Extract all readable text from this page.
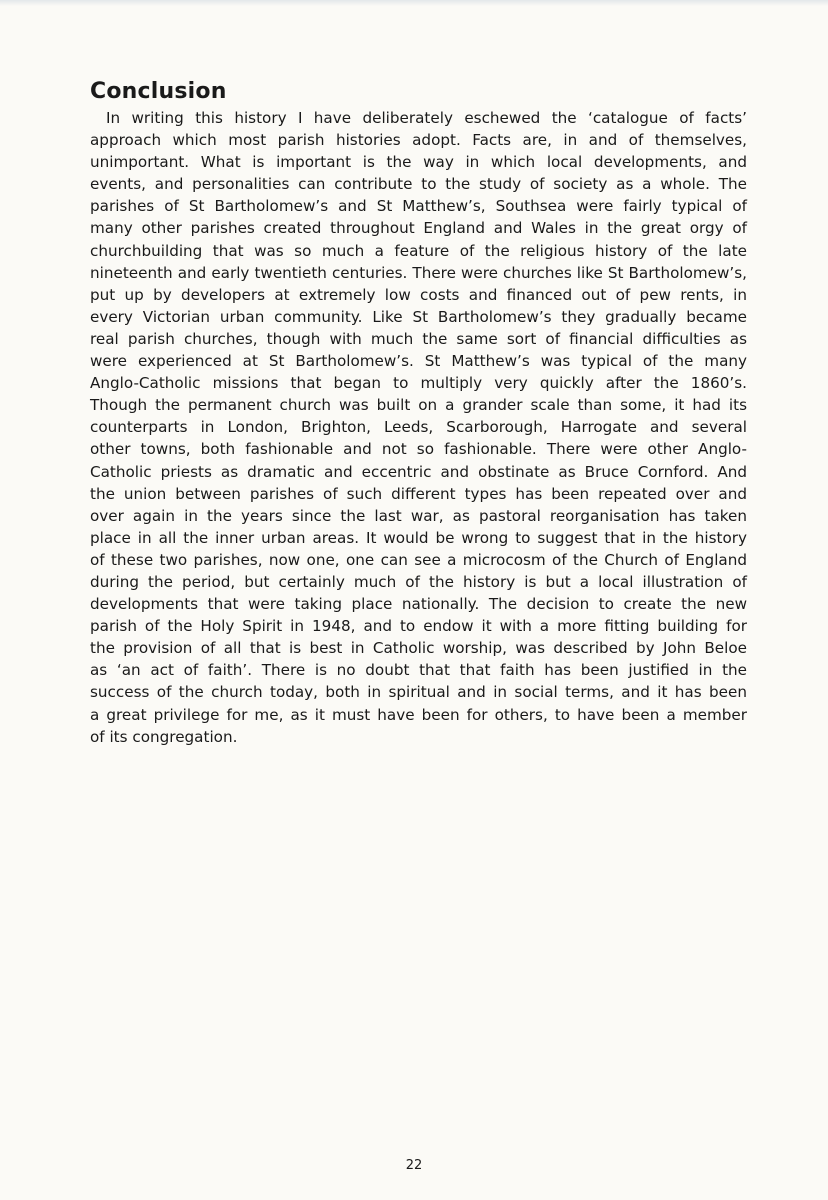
Conclusion
In writing this history I have deliberately eschewed the ‘catalogue of facts’
approach which most parish histories adopt. Facts are, in and of themselves,
unimportant. What is important is the way in which local developments, and
events, and personalities can contribute to the study of society as a whole. The
parishes of St Bartholomew’s and St Matthew’s, Southsea were fairly typical of
many other parishes created throughout England and Wales in the great orgy of
churchbuilding that was so much a feature of the religious history of the late
nineteenth and early twentieth centuries. There were churches like St Bartholomew’s,
put up by developers at extremely low costs and financed out of pew rents, in
every Victorian urban community. Like St Bartholomew’s they gradually became
real parish churches, though with much the same sort of financial difficulties as
were experienced at St Bartholomew’s. St Matthew’s was typical of the many
Anglo-Catholic missions that began to multiply very quickly after the 1860’s.
Though the permanent church was built on a grander scale than some, it had its
counterparts in London, Brighton, Leeds, Scarborough, Harrogate and several
other towns, both fashionable and not so fashionable. There were other Anglo-
Catholic priests as dramatic and eccentric and obstinate as Bruce Cornford. And
the union between parishes of such different types has been repeated over and
over again in the years since the last war, as pastoral reorganisation has taken
place in all the inner urban areas. It would be wrong to suggest that in the history
of these two parishes, now one, one can see a microcosm of the Church of England
during the period, but certainly much of the history is but a local illustration of
developments that were taking place nationally. The decision to create the new
parish of the Holy Spirit in 1948, and to endow it with a more fitting building for
the provision of all that is best in Catholic worship, was described by John Beloe
as ‘an act of faith’. There is no doubt that that faith has been justified in the
success of the church today, both in spiritual and in social terms, and it has been
a great privilege for me, as it must have been for others, to have been a member
of its congregation.
22
